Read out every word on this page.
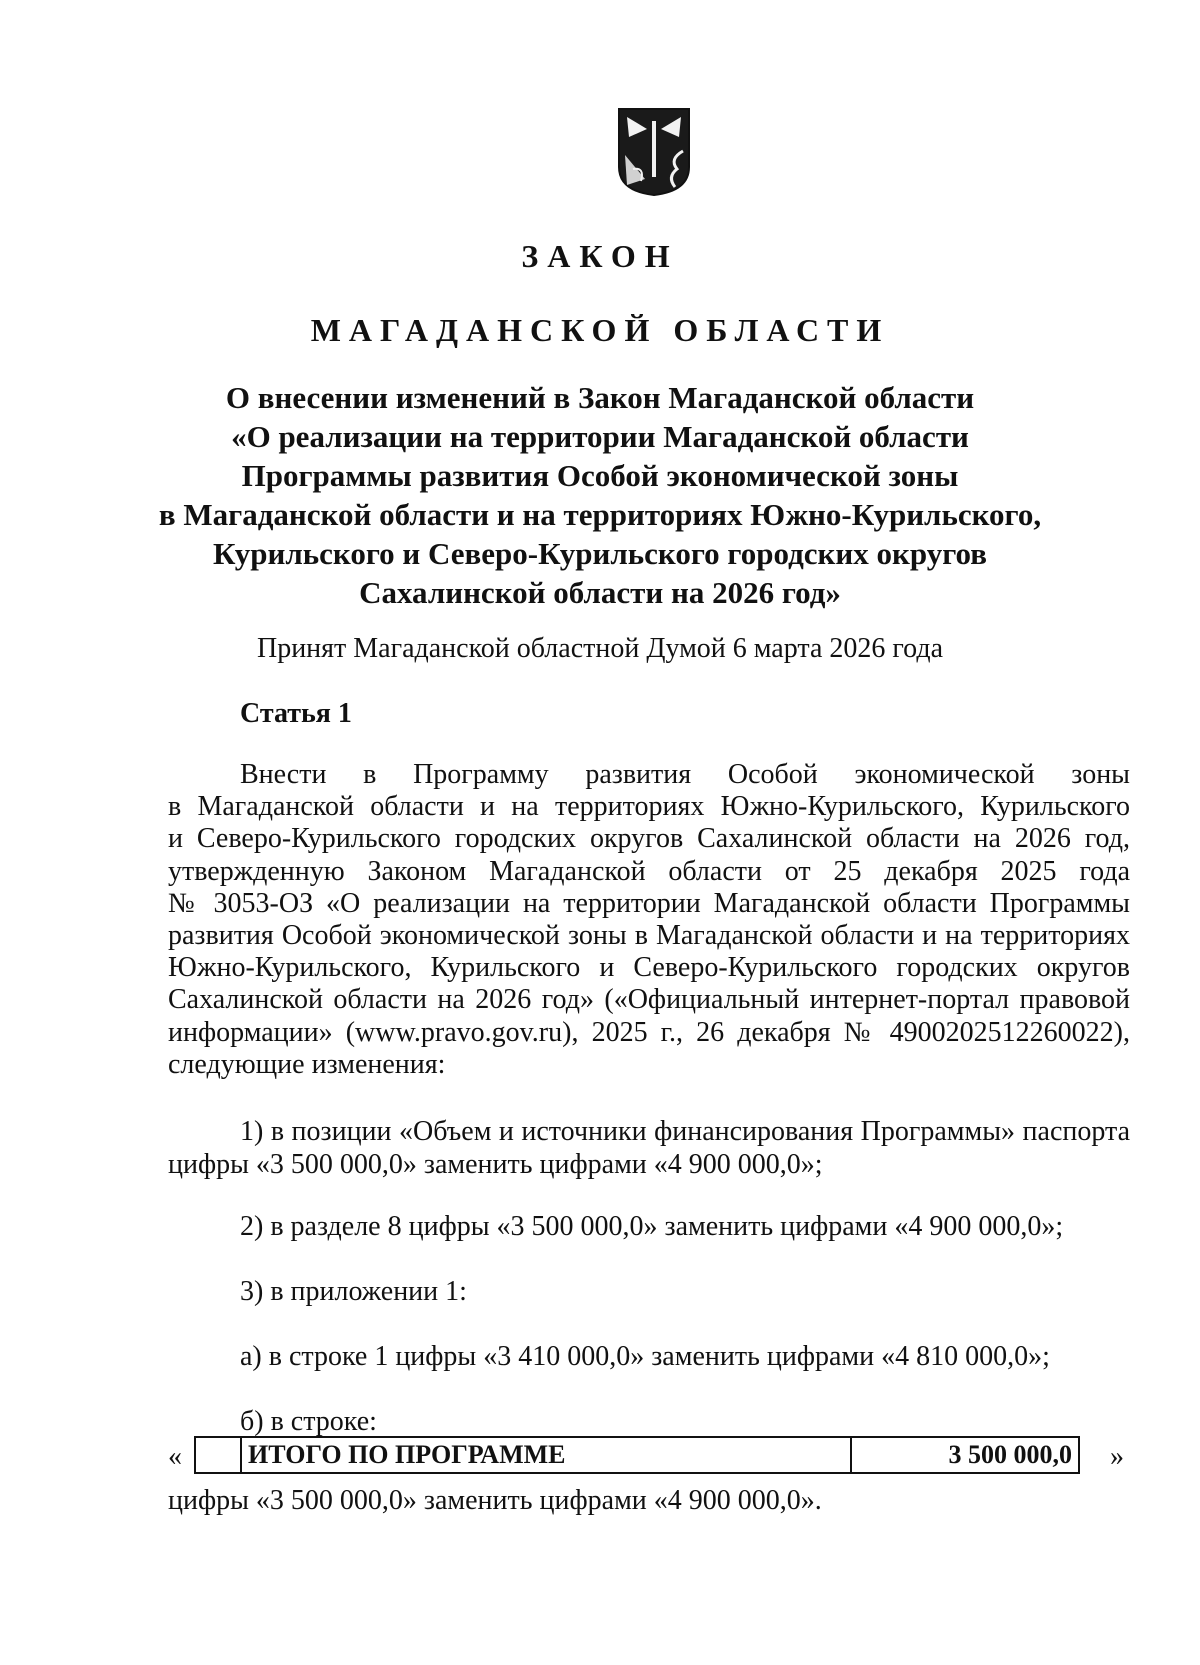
ЗАКОН
МАГАДАНСКОЙ ОБЛАСТИ
О внесении изменений в Закон Магаданской области
«О реализации на территории Магаданской области
Программы развития Особой экономической зоны
в Магаданской области и на территориях Южно-Курильского,
Курильского и Северо-Курильского городских округов
Сахалинской области на 2026 год»
Принят Магаданской областной Думой 6 марта 2026 года
Статья 1
Внести в Программу развития Особой экономической зоны
в Магаданской области и на территориях Южно-Курильского, Курильского
и Северо-Курильского городских округов Сахалинской области на 2026 год,
утвержденную Законом Магаданской области от 25 декабря 2025 года
№ 3053-ОЗ «О реализации на территории Магаданской области Программы
развития Особой экономической зоны в Магаданской области и на территориях
Южно-Курильского, Курильского и Северо-Курильского городских округов
Сахалинской области на 2026 год» («Официальный интернет-портал правовой
информации» (www.pravo.gov.ru), 2025 г., 26 декабря № 4900202512260022),
следующие изменения:
1) в позиции «Объем и источники финансирования Программы» паспорта
цифры «3 500 000,0» заменить цифрами «4 900 000,0»;
2) в разделе 8 цифры «3 500 000,0» заменить цифрами «4 900 000,0»;
3) в приложении 1:
а) в строке 1 цифры «3 410 000,0» заменить цифрами «4 810 000,0»;
б) в строке:
«
		ИТОГО ПО ПРОГРАММЕ	3 500 000,0 »
цифры «3 500 000,0» заменить цифрами «4 900 000,0».
